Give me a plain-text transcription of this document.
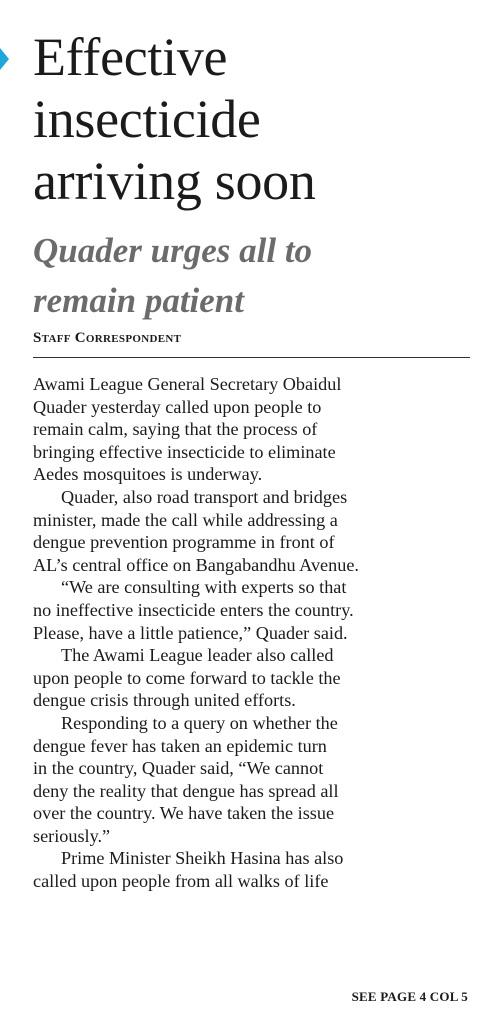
Effective
insecticide
arriving soon
Quader urges all to
remain patient
Staff Correspondent

Awami League General Secretary Obaidul
Quader yesterday called upon people to
remain calm, saying that the process of
bringing effective insecticide to eliminate
Aedes mosquitoes is underway.

Quader, also road transport and bridges
minister, made the call while addressing a
dengue prevention programme in front of
AL’s central office on Bangabandhu Avenue.

“We are consulting with experts so that
no ineffective insecticide enters the country.
Please, have a little patience,” Quader said.

The Awami League leader also called
upon people to come forward to tackle the
dengue crisis through united efforts.

Responding to a query on whether the
dengue fever has taken an epidemic turn
in the country, Quader said, “We cannot
deny the reality that dengue has spread all
over the country. We have taken the issue
seriously.”

Prime Minister Sheikh Hasina has also
called upon people from all walks of life

SEE PAGE 4 COL 5
